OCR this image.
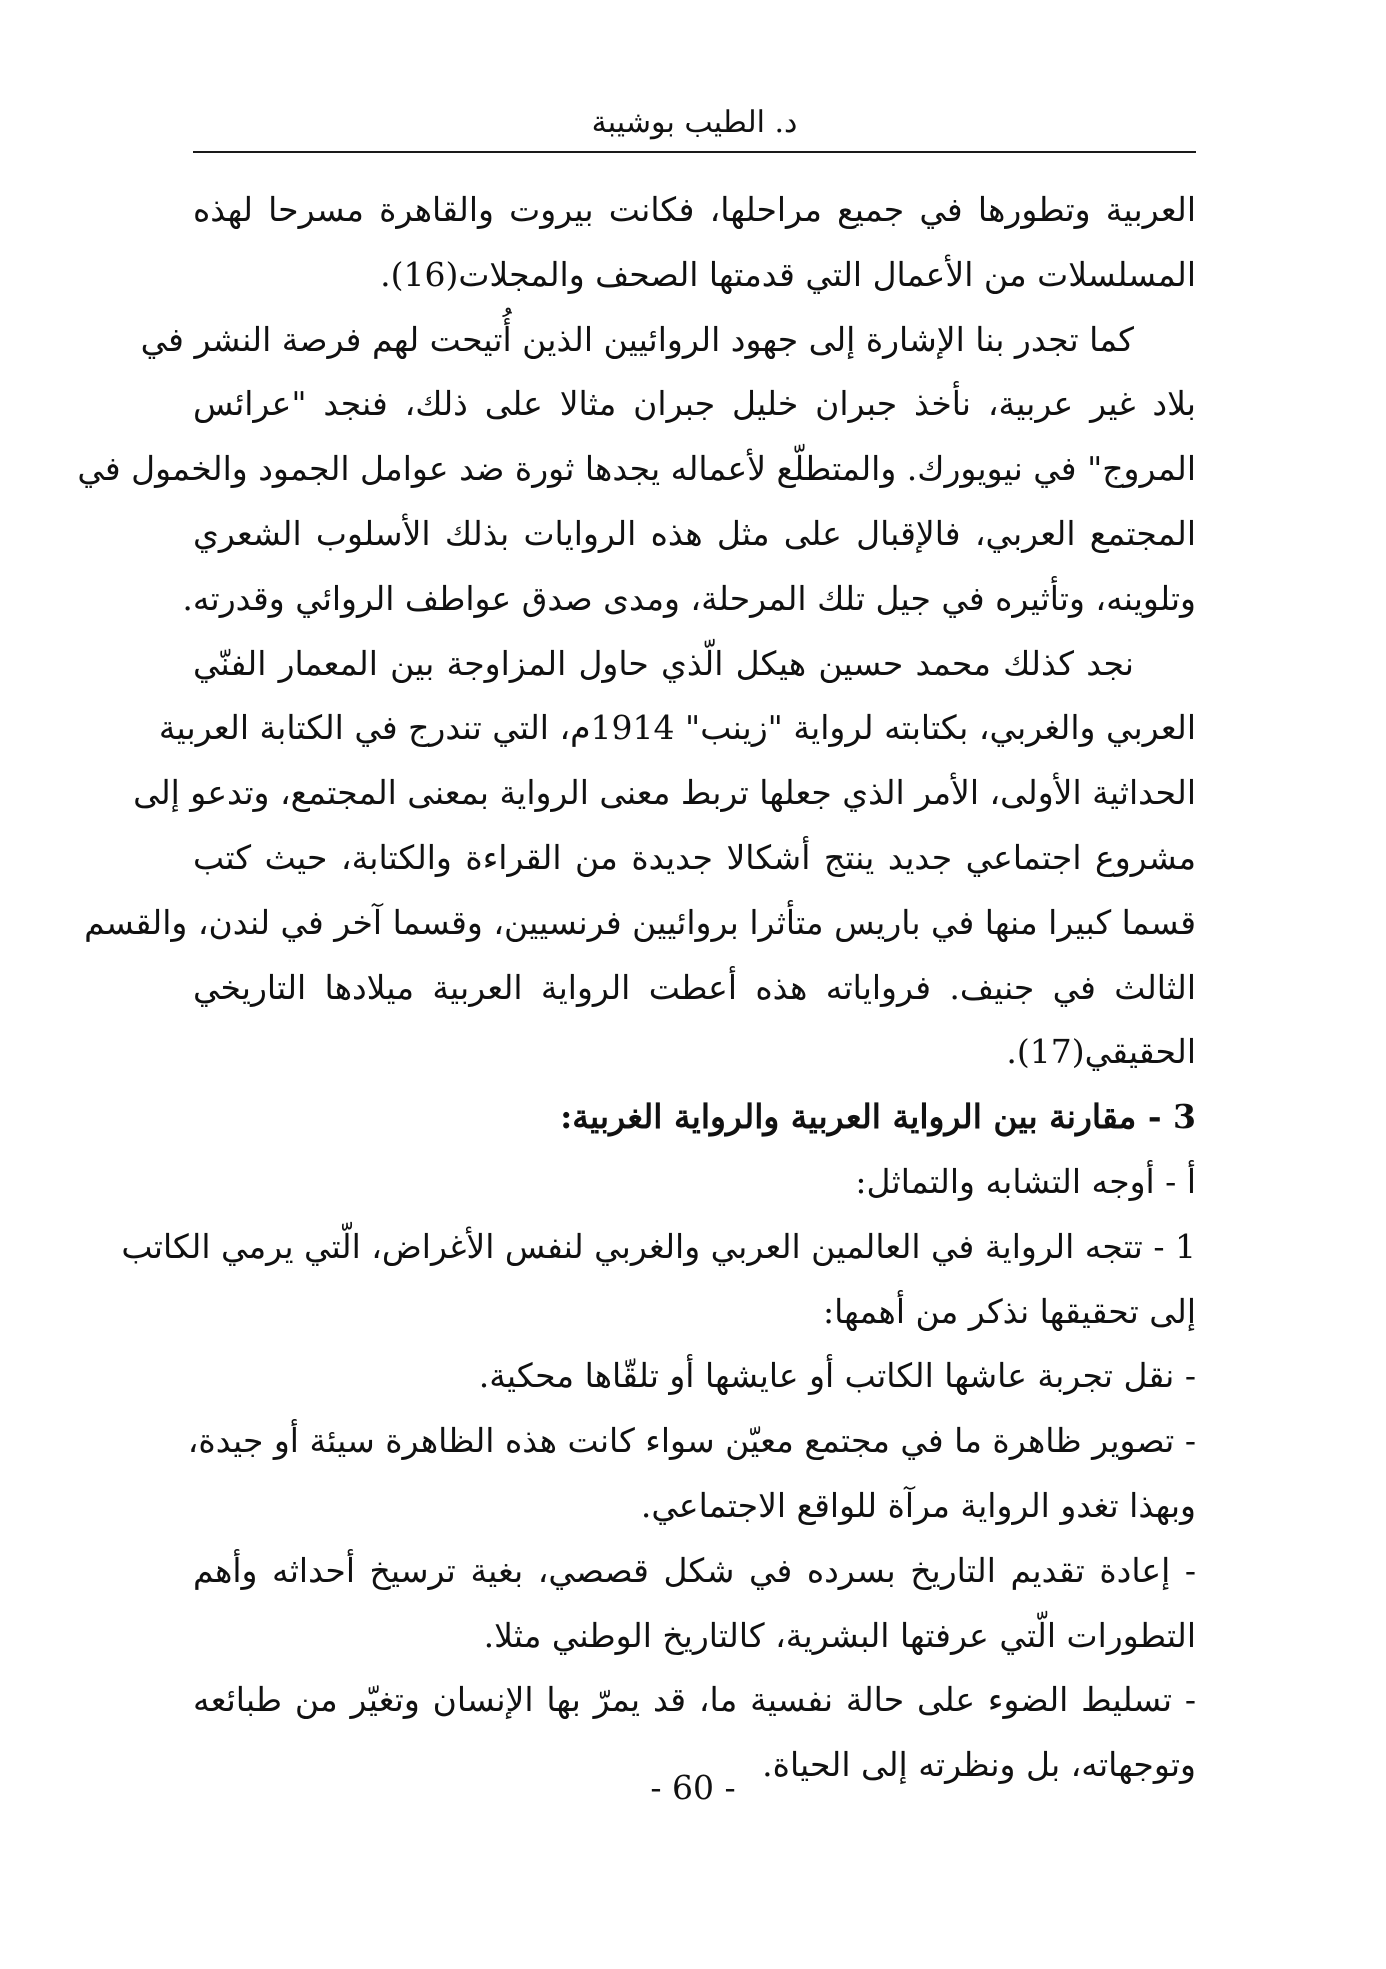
د. الطيب بوشيبة
العربية وتطورها في جميع مراحلها، فكانت بيروت والقاهرة مسرحا لهذه
المسلسلات من الأعمال التي قدمتها الصحف والمجلات(16).
كما تجدر بنا الإشارة إلى جهود الروائيين الذين أُتيحت لهم فرصة النشر في
بلاد غير عربية، نأخذ جبران خليل جبران مثالا على ذلك، فنجد "عرائس
المروج" في نيويورك. والمتطلّع لأعماله يجدها ثورة ضد عوامل الجمود والخمول في
المجتمع العربي، فالإقبال على مثل هذه الروايات بذلك الأسلوب الشعري
وتلوينه، وتأثيره في جيل تلك المرحلة، ومدى صدق عواطف الروائي وقدرته.
نجد كذلك محمد حسين هيكل الّذي حاول المزاوجة بين المعمار الفنّي
العربي والغربي، بكتابته لرواية "زينب" 1914م، التي تندرج في الكتابة العربية
الحداثية الأولى، الأمر الذي جعلها تربط معنى الرواية بمعنى المجتمع، وتدعو إلى
مشروع اجتماعي جديد ينتج أشكالا جديدة من القراءة والكتابة، حيث كتب
قسما كبيرا منها في باريس متأثرا بروائيين فرنسيين، وقسما آخر في لندن، والقسم
الثالث في جنيف. فرواياته هذه أعطت الرواية العربية ميلادها التاريخي
الحقيقي(17).
3 - مقارنة بين الرواية العربية والرواية الغربية:
أ - أوجه التشابه والتماثل:
1 - تتجه الرواية في العالمين العربي والغربي لنفس الأغراض، الّتي يرمي الكاتب
إلى تحقيقها نذكر من أهمها:
- نقل تجربة عاشها الكاتب أو عايشها أو تلقّاها محكية.
- تصوير ظاهرة ما في مجتمع معيّن سواء كانت هذه الظاهرة سيئة أو جيدة،
وبهذا تغدو الرواية مرآة للواقع الاجتماعي.
- إعادة تقديم التاريخ بسرده في شكل قصصي، بغية ترسيخ أحداثه وأهم
التطورات الّتي عرفتها البشرية، كالتاريخ الوطني مثلا.
- تسليط الضوء على حالة نفسية ما، قد يمرّ بها الإنسان وتغيّر من طبائعه
وتوجهاته، بل ونظرته إلى الحياة.
- 60 -
